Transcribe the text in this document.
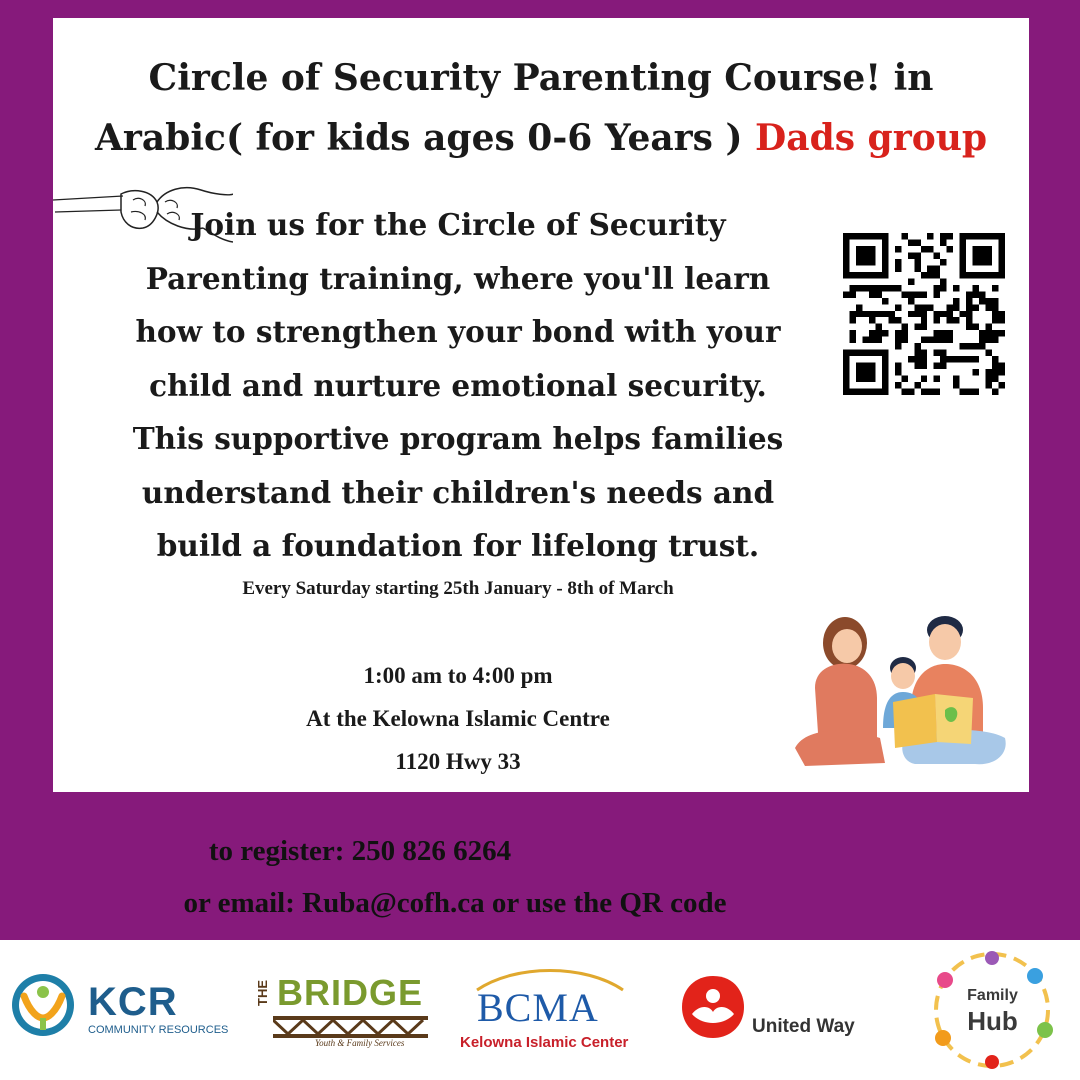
Circle of Security Parenting Course! in
Arabic( for kids ages 0-6 Years ) Dads group

Join us for the Circle of Security
Parenting training, where you'll learn
how to strengthen your bond with your
child and nurture emotional security.
This supportive program helps families
understand their children's needs and
build a foundation for lifelong trust.

Every Saturday starting 25th January - 8th of March
1:00 am to 4:00 pm
At the Kelowna Islamic Centre
1120 Hwy 33
to register: 250 826 6264
or email: Ruba@cofh.ca or use the QR code
KCR
COMMUNITY RESOURCES
THE BRIDGE
Youth & Family Services
BCMA
Kelowna Islamic Center
United Way
Family
Hub
